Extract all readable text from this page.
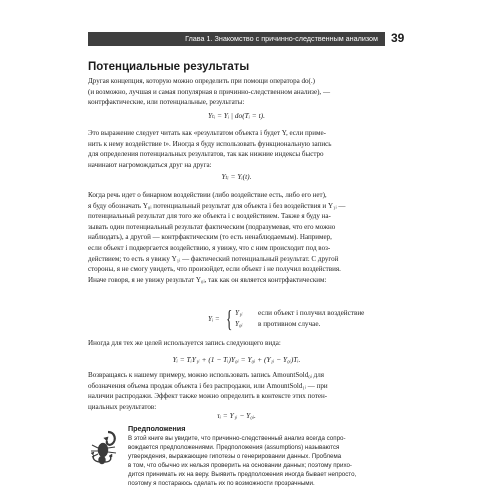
Глава 1. Знакомство с причинно-следственным анализом	39
Потенциальные результаты
Другая концепция, которую можно определить при помощи оператора do(.)
(и возможно, лучшая и самая популярная в причинно-следственном анализе), —
контрфактические, или потенциальные, результаты:
Yₜᵢ = Yᵢ | do(Tᵢ = t).
Это выражение следует читать как «результатом объекта i будет Y, если приме-
нить к нему воздействие t». Иногда я буду использовать функциональную запись
для определения потенциальных результатов, так как нижние индексы быстро
начинают нагромождаться друг на друга:
Yₜᵢ = Yᵢ(t).
Когда речь идет о бинарном воздействии (либо воздействие есть, либо его нет),
я буду обозначать Y₀ᵢ потенциальный результат для объекта i без воздействия и Y₁ᵢ —
потенциальный результат для того же объекта i с воздействием. Также я буду на-
зывать один потенциальный результат фактическим (подразумевая, что его можно
наблюдать), а другой — контрфактическим (то есть ненаблюдаемым). Например,
если объект i подвергается воздействию, я увижу, что с ним происходит под воз-
действием; то есть я увижу Y₁ᵢ — фактический потенциальный результат. С другой
стороны, я не смогу увидеть, что произойдет, если объект i не получил воздействия.
Иначе говоря, я не увижу результат Y₀ᵢ, так как он является контрфактическим:
Yᵢ = { Y₁ᵢ если объект i получил воздействие
Y₀ᵢ в противном случае.
Иногда для тех же целей используется запись следующего вида:
Yᵢ = TᵢY₁ᵢ + (1 − Tᵢ)Y₀ᵢ = Y₀ᵢ + (Y₁ᵢ − Y₀ᵢ)Tᵢ.
Возвращаясь к нашему примеру, можно использовать запись AmountSold₀ᵢ для
обозначения объема продаж объекта i без распродажи, или AmountSold₁ᵢ — при
наличии распродажи. Эффект также можно определить в контексте этих потен-
циальных результатов:
τᵢ = Y₁ᵢ − Y₀ᵢ.
Предположения
В этой книге вы увидите, что причинно-следственный анализ всегда сопро-
вождается предположениями. Предположения (assumptions) называются
утверждения, выражающие гипотезы о генерировании данных. Проблема
в том, что обычно их нельзя проверить на основании данных; поэтому прихо-
дится принимать их на веру. Выявить предположения иногда бывает непросто,
поэтому я постараюсь сделать их по возможности прозрачными.
